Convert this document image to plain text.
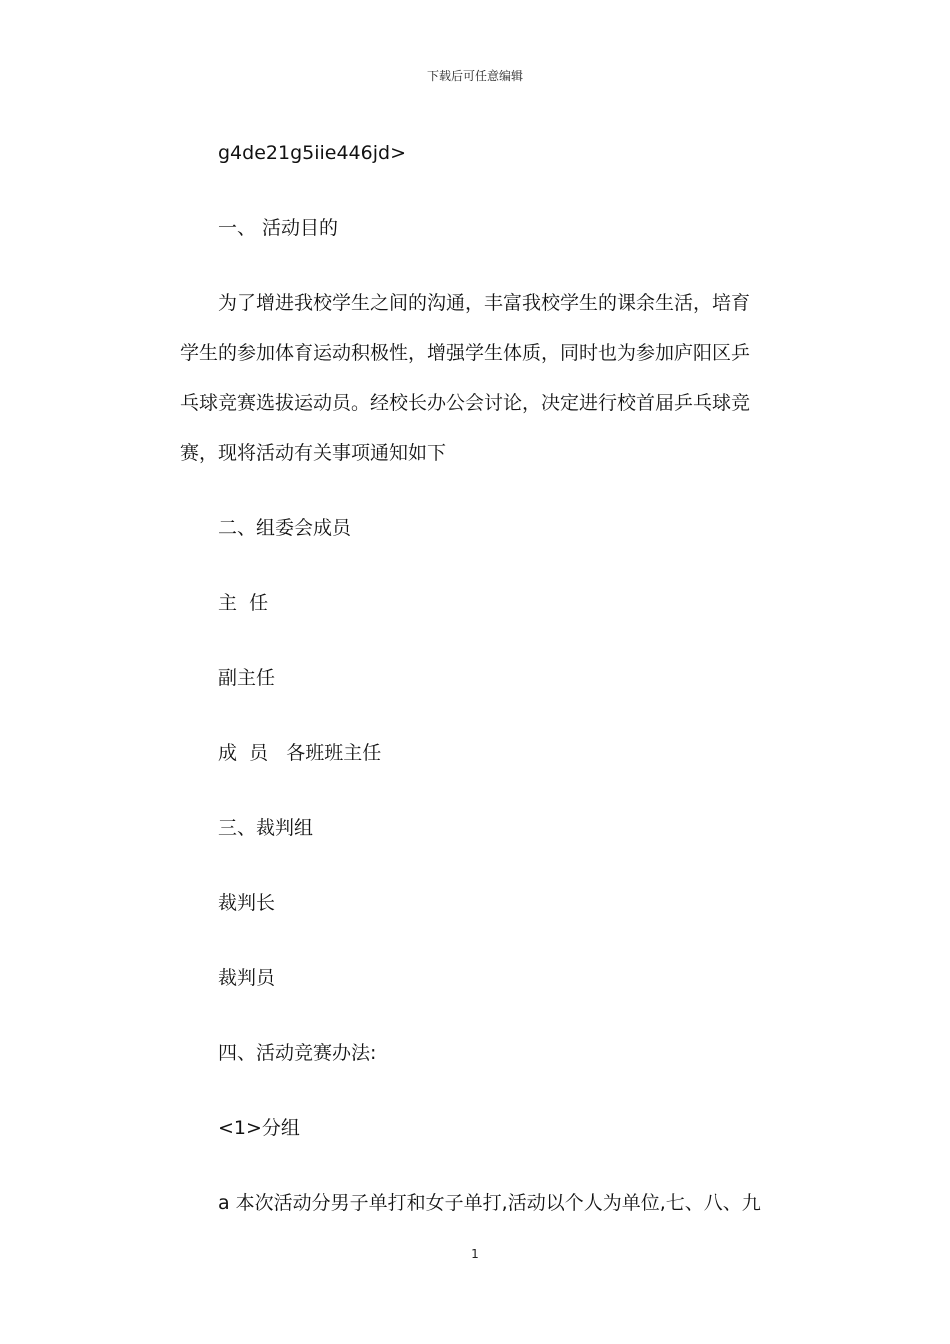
下载后可任意编辑
g4de21g5iie446jd>
一、 活动目的
为了增进我校学生之间的沟通，丰富我校学生的课余生活，培育
学生的参加体育运动积极性，增强学生体质，同时也为参加庐阳区乒
乓球竞赛选拔运动员。经校长办公会讨论，决定进行校首届乒乓球竞
赛，现将活动有关事项通知如下
二、组委会成员
主  任
副主任
成  员   各班班主任
三、裁判组
裁判长
裁判员
四、活动竞赛办法:
<1>分组
a 本次活动分男子单打和女子单打,活动以个人为单位,七、八、九
1
